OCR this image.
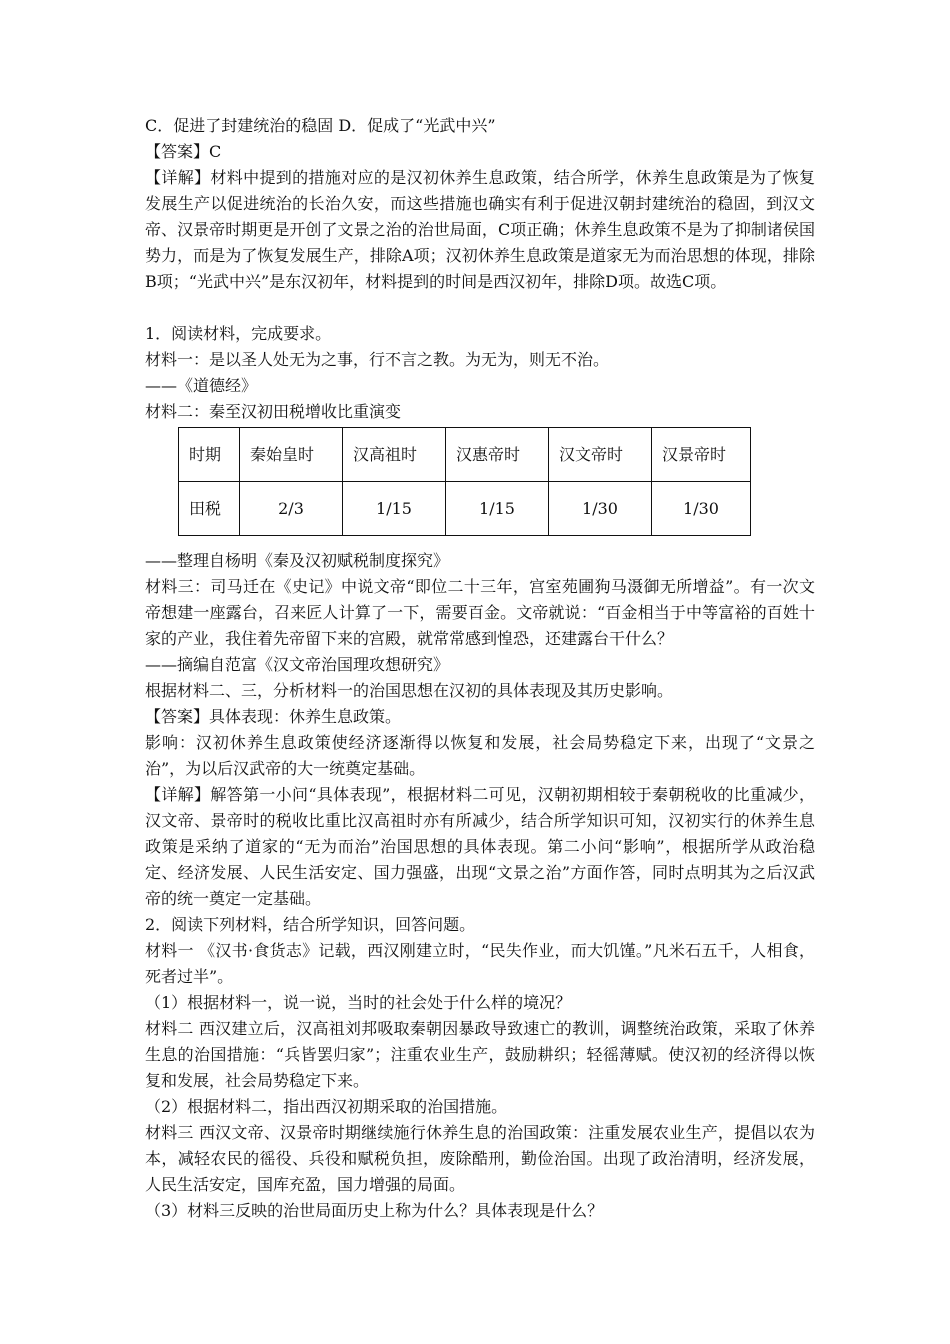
C．促进了封建统治的稳固 D．促成了“光武中兴”
【答案】C
【详解】材料中提到的措施对应的是汉初休养生息政策，结合所学，休养生息政策是为了恢复发展生产以促进统治的长治久安，而这些措施也确实有利于促进汉朝封建统治的稳固，到汉文帝、汉景帝时期更是开创了文景之治的治世局面，C项正确；休养生息政策不是为了抑制诸侯国势力，而是为了恢复发展生产，排除A项；汉初休养生息政策是道家无为而治思想的体现，排除B项；“光武中兴”是东汉初年，材料提到的时间是西汉初年，排除D项。故选C项。
1．阅读材料，完成要求。
材料一：是以圣人处无为之事，行不言之教。为无为，则无不治。
——《道德经》
材料二：秦至汉初田税增收比重演变
时期	秦始皇时	汉高祖时	汉惠帝时	汉文帝时	汉景帝时
田税	2/3	1/15	1/15	1/30	1/30
——整理自杨明《秦及汉初赋税制度探究》
材料三：司马迁在《史记》中说文帝“即位二十三年，宫室苑圃狗马滠御无所增益”。有一次文帝想建一座露台，召来匠人计算了一下，需要百金。文帝就说：“百金相当于中等富裕的百姓十家的产业，我住着先帝留下来的宫殿，就常常感到惶恐，还建露台干什么？
——摘编自范富《汉文帝治国理攻想研究》
根据材料二、三，分析材料一的治国思想在汉初的具体表现及其历史影响。
【答案】具体表现：休养生息政策。
影响：汉初休养生息政策使经济逐渐得以恢复和发展，社会局势稳定下来，出现了“文景之治”，为以后汉武帝的大一统奠定基础。
【详解】解答第一小问“具体表现”，根据材料二可见，汉朝初期相较于秦朝税收的比重减少，汉文帝、景帝时的税收比重比汉高祖时亦有所减少，结合所学知识可知，汉初实行的休养生息政策是采纳了道家的“无为而治”治国思想的具体表现。第二小问“影响”，根据所学从政治稳定、经济发展、人民生活安定、国力强盛，出现“文景之治”方面作答，同时点明其为之后汉武帝的统一奠定一定基础。
2．阅读下列材料，结合所学知识，回答问题。
材料一 《汉书·食货志》记载，西汉刚建立时，“民失作业，而大饥馑。”凡米石五千，人相食，死者过半”。
（1）根据材料一，说一说，当时的社会处于什么样的境况？
材料二 西汉建立后，汉高祖刘邦吸取秦朝因暴政导致速亡的教训，调整统治政策，采取了休养生息的治国措施：“兵皆罢归家”；注重农业生产，鼓励耕织；轻徭薄赋。使汉初的经济得以恢复和发展，社会局势稳定下来。
（2）根据材料二，指出西汉初期采取的治国措施。
材料三 西汉文帝、汉景帝时期继续施行休养生息的治国政策：注重发展农业生产，提倡以农为本，减轻农民的徭役、兵役和赋税负担，废除酷刑，勤俭治国。出现了政治清明，经济发展，人民生活安定，国库充盈，国力增强的局面。
（3）材料三反映的治世局面历史上称为什么？具体表现是什么？
